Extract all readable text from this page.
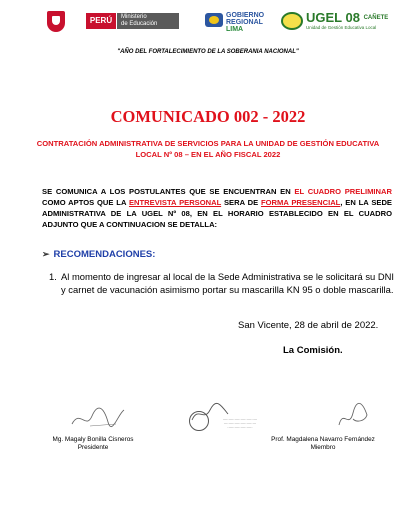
PERÚ	Ministerio
de Educación
GOBIERNO
REGIONAL
LIMA
UGEL 08 $^{CAÑETE}$
Unidad de Gestión Educativa Local
"AÑO DEL FORTALECIMIENTO DE LA SOBERANIA NACIONAL"
COMUNICADO 002 - 2022
CONTRATACIÓN ADMINISTRATIVA DE SERVICIOS PARA LA UNIDAD DE GESTIÓN EDUCATIVA LOCAL Nº 08 – EN EL AÑO FISCAL 2022
SE COMUNICA A LOS POSTULANTES QUE SE ENCUENTRAN EN EL CUADRO PRELIMINAR COMO APTOS QUE LA ENTREVISTA PERSONAL SERA DE FORMA PRESENCIAL, EN LA SEDE ADMINISTRATIVA DE LA UGEL Nº 08, EN EL HORARIO ESTABLECIDO EN EL CUADRO ADJUNTO QUE A CONTINUACION SE DETALLA:
➢ RECOMENDACIONES:
1. Al momento de ingresar al local de la Sede Administrativa se le solicitará su DNI y carnet de vacunación asimismo portar su mascarilla KN 95 o doble mascarilla.
San Vicente, 28 de abril de 2022.
La Comisión.
Mg. Magaly Bonilla Cisneros
Presidente
·····························
···························
·····················
Prof. Magdalena Navarro Fernández
Miembro
